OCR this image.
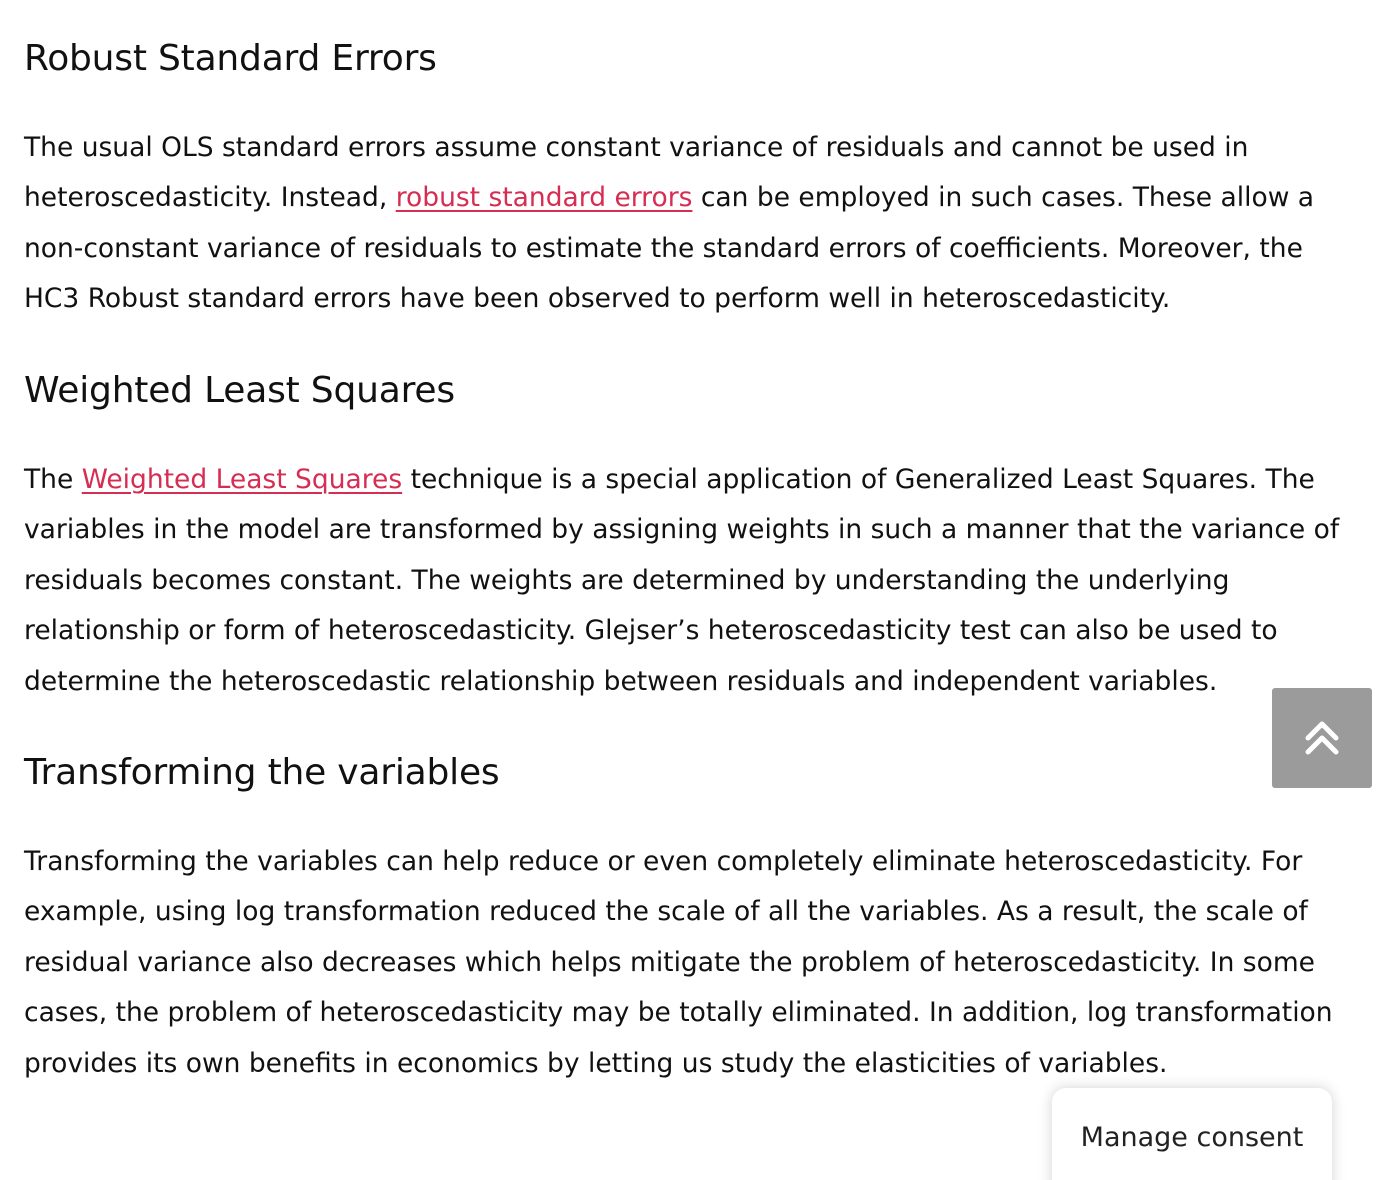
Robust Standard Errors

The usual OLS standard errors assume constant variance of residuals and cannot be used in heteroscedasticity. Instead, robust standard errors can be employed in such cases. These allow a non-constant variance of residuals to estimate the standard errors of coefficients. Moreover, the HC3 Robust standard errors have been observed to perform well in heteroscedasticity.

Weighted Least Squares

The Weighted Least Squares technique is a special application of Generalized Least Squares. The variables in the model are transformed by assigning weights in such a manner that the variance of residuals becomes constant. The weights are determined by understanding the underlying relationship or form of heteroscedasticity. Glejser’s heteroscedasticity test can also be used to determine the heteroscedastic relationship between residuals and independent variables.

Transforming the variables

Transforming the variables can help reduce or even completely eliminate heteroscedasticity. For example, using log transformation reduced the scale of all the variables. As a result, the scale of residual variance also decreases which helps mitigate the problem of heteroscedasticity. In some cases, the problem of heteroscedasticity may be totally eliminated. In addition, log transformation provides its own benefits in economics by letting us study the elasticities of variables.

Manage consent
